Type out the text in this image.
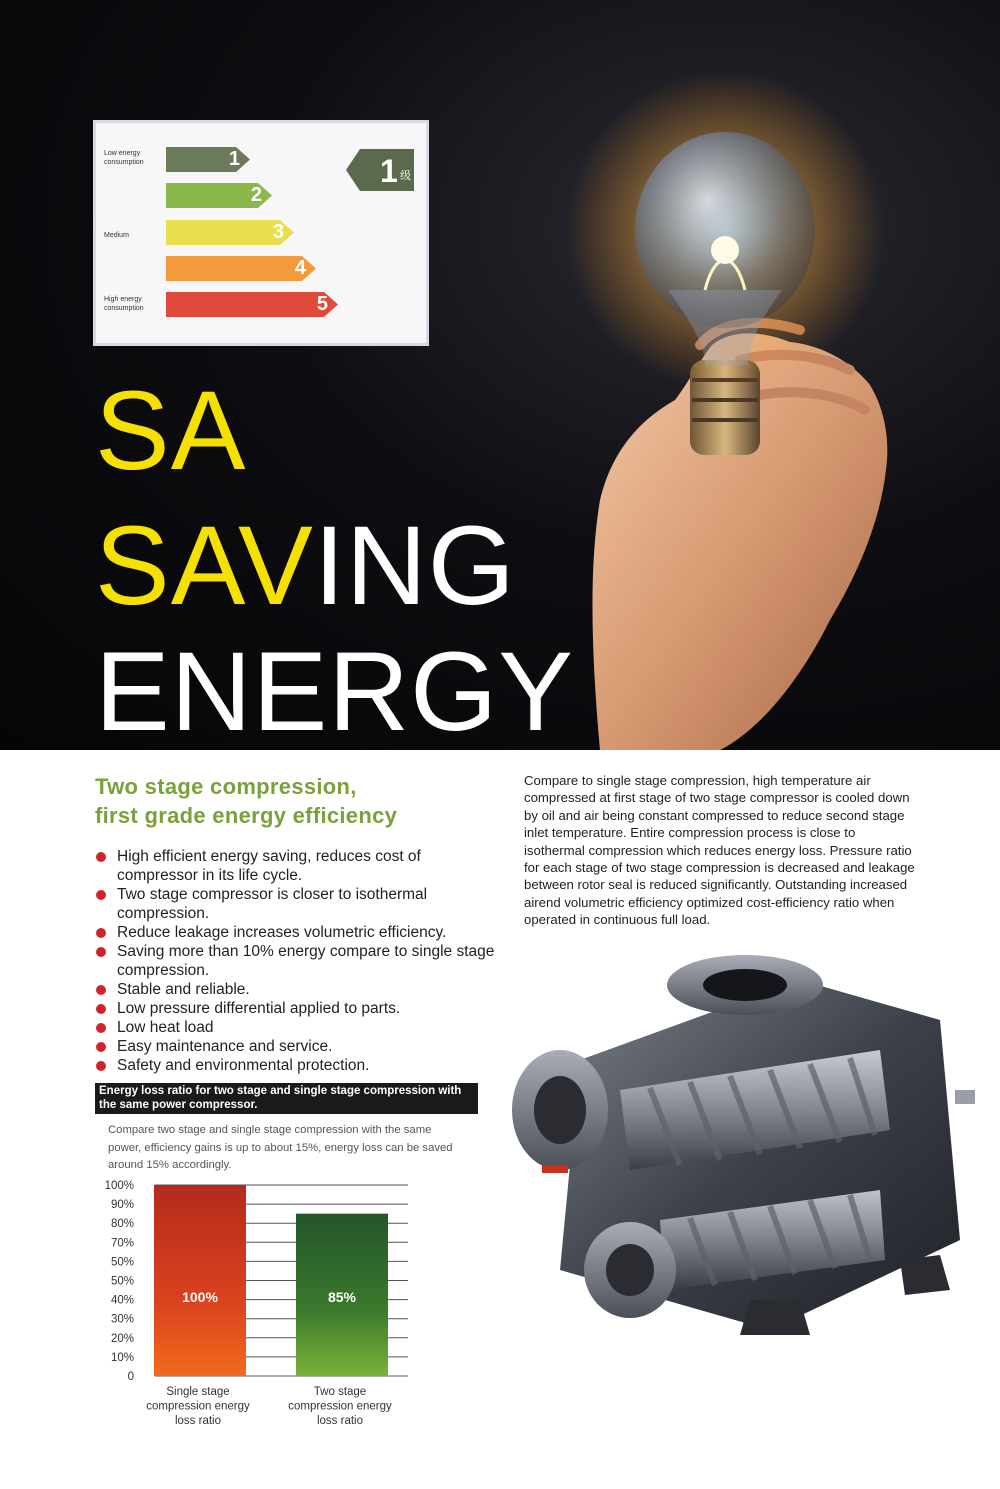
Low energy consumption
Medium
High energy consumption
1
2
3
4
5
1 级
SA
SAVING
ENERGY
Two stage compression,
first grade energy efficiency
High efficient energy saving, reduces cost of compressor in its life cycle.
Two stage compressor is closer to isothermal compression.
Reduce leakage increases volumetric efficiency.
Saving more than 10% energy compare to single stage compression.
Stable and reliable.
Low pressure differential applied to parts.
Low heat load
Easy maintenance and service.
Safety and environmental protection.
Energy loss ratio for two stage and single stage compression with the same power compressor.

Compare two stage and single stage compression with the same power, efficiency gains is up to about 15%, energy loss can be saved around 15% accordingly.

0
10%
20%
30%
40%
50%
50%
70%
80%
90%
100%
100%	85%
Single stage compression energy loss ratio
Two stage compression energy loss ratio

Compare to single stage compression, high temperature air compressed at first stage of two stage compressor is cooled down by oil and air being constant compressed to reduce second stage inlet temperature. Entire compression process is close to isothermal compression which reduces energy loss. Pressure ratio for each stage of two stage compression is decreased and leakage between rotor seal is reduced significantly. Outstanding increased airend volumetric efficiency optimized cost-efficiency ratio when operated in continuous full load.
